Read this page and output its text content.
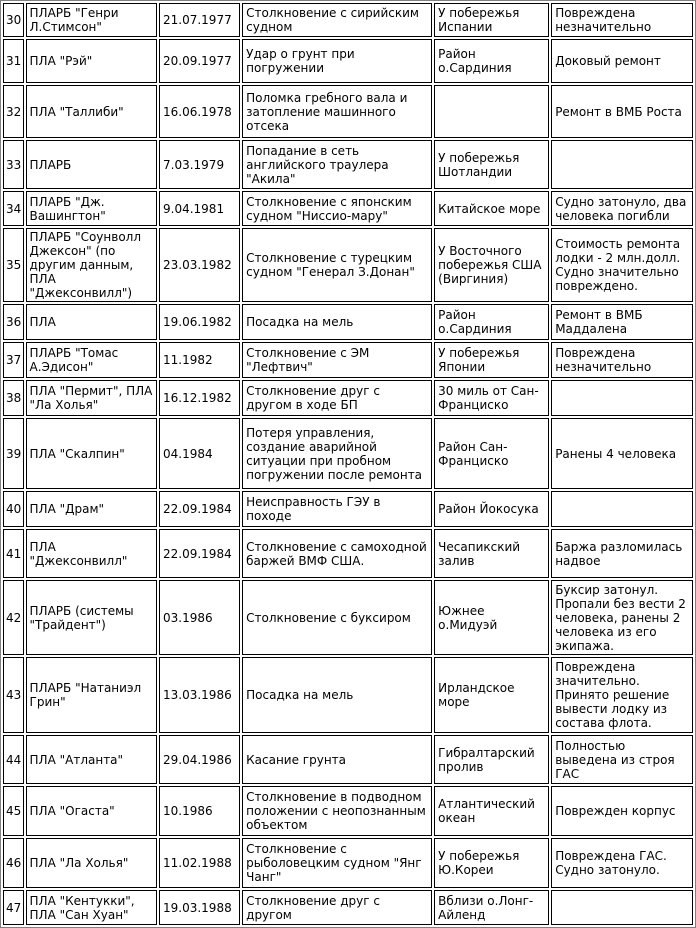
30	ПЛАРБ "Генри Л.Стимсон"	21.07.1977	Столкновение с сирийским судном	У побережья Испании	Повреждена незначительно
31	ПЛА "Рэй"	20.09.1977	Удар о грунт при погружении	Район о.Сардиния	Доковый ремонт
32	ПЛА "Таллиби"	16.06.1978	Поломка гребного вала и затопление машинного отсека		Ремонт в ВМБ Роста
33	ПЛАРБ	7.03.1979	Попадание в сеть английского траулера "Акила"	У побережья Шотландии	
34	ПЛАРБ "Дж. Вашингтон"	9.04.1981	Столкновение с японским судном "Ниссио-мару"	Китайское море	Судно затонуло, два человека погибли
35	ПЛАРБ "Соунволл Джексон" (по другим данным, ПЛА "Джексонвилл")	23.03.1982	Столкновение с турецким судном "Генерал З.Донан"	У Восточного побережья США (Виргиния)	Стоимость ремонта лодки - 2 млн.долл. Судно значительно повреждено.
36	ПЛА	19.06.1982	Посадка на мель	Район о.Сардиния	Ремонт в ВМБ Маддалена
37	ПЛАРБ "Томас А.Эдисон"	11.1982	Столкновение с ЭМ "Лефтвич"	У побережья Японии	Повреждена незначительно
38	ПЛА "Пермит", ПЛА "Ла Холья"	16.12.1982	Столкновение друг с другом в ходе БП	30 миль от Сан-Франциско	
39	ПЛА "Скалпин"	04.1984	Потеря управления, создание аварийной ситуации при пробном погружении после ремонта	Район Сан-Франциско	Ранены 4 человека
40	ПЛА "Драм"	22.09.1984	Неисправность ГЭУ в походе	Район Йокосука	
41	ПЛА "Джексонвилл"	22.09.1984	Столкновение с самоходной баржей ВМФ США.	Чесапикский залив	Баржа разломилась надвое
42	ПЛАРБ (системы "Трайдент")	03.1986	Столкновение с буксиром	Южнее о.Мидуэй	Буксир затонул. Пропали без вести 2 человека, ранены 2 человека из его экипажа.
43	ПЛАРБ "Натаниэл Грин"	13.03.1986	Посадка на мель	Ирландское море	Повреждена значительно. Принято решение вывести лодку из состава флота.
44	ПЛА "Атланта"	29.04.1986	Касание грунта	Гибралтарский пролив	Полностью выведена из строя ГАС
45	ПЛА "Огаста"	10.1986	Столкновение в подводном положении с неопознанным объектом	Атлантический океан	Поврежден корпус
46	ПЛА "Ла Холья"	11.02.1988	Столкновение с рыболовецким судном "Янг Чанг"	У побережья Ю.Кореи	Повреждена ГАС. Судно затонуло.
47	ПЛА "Кентукки", ПЛА "Сан Хуан"	19.03.1988	Столкновение друг с другом	Вблизи о.Лонг-Айленд	
